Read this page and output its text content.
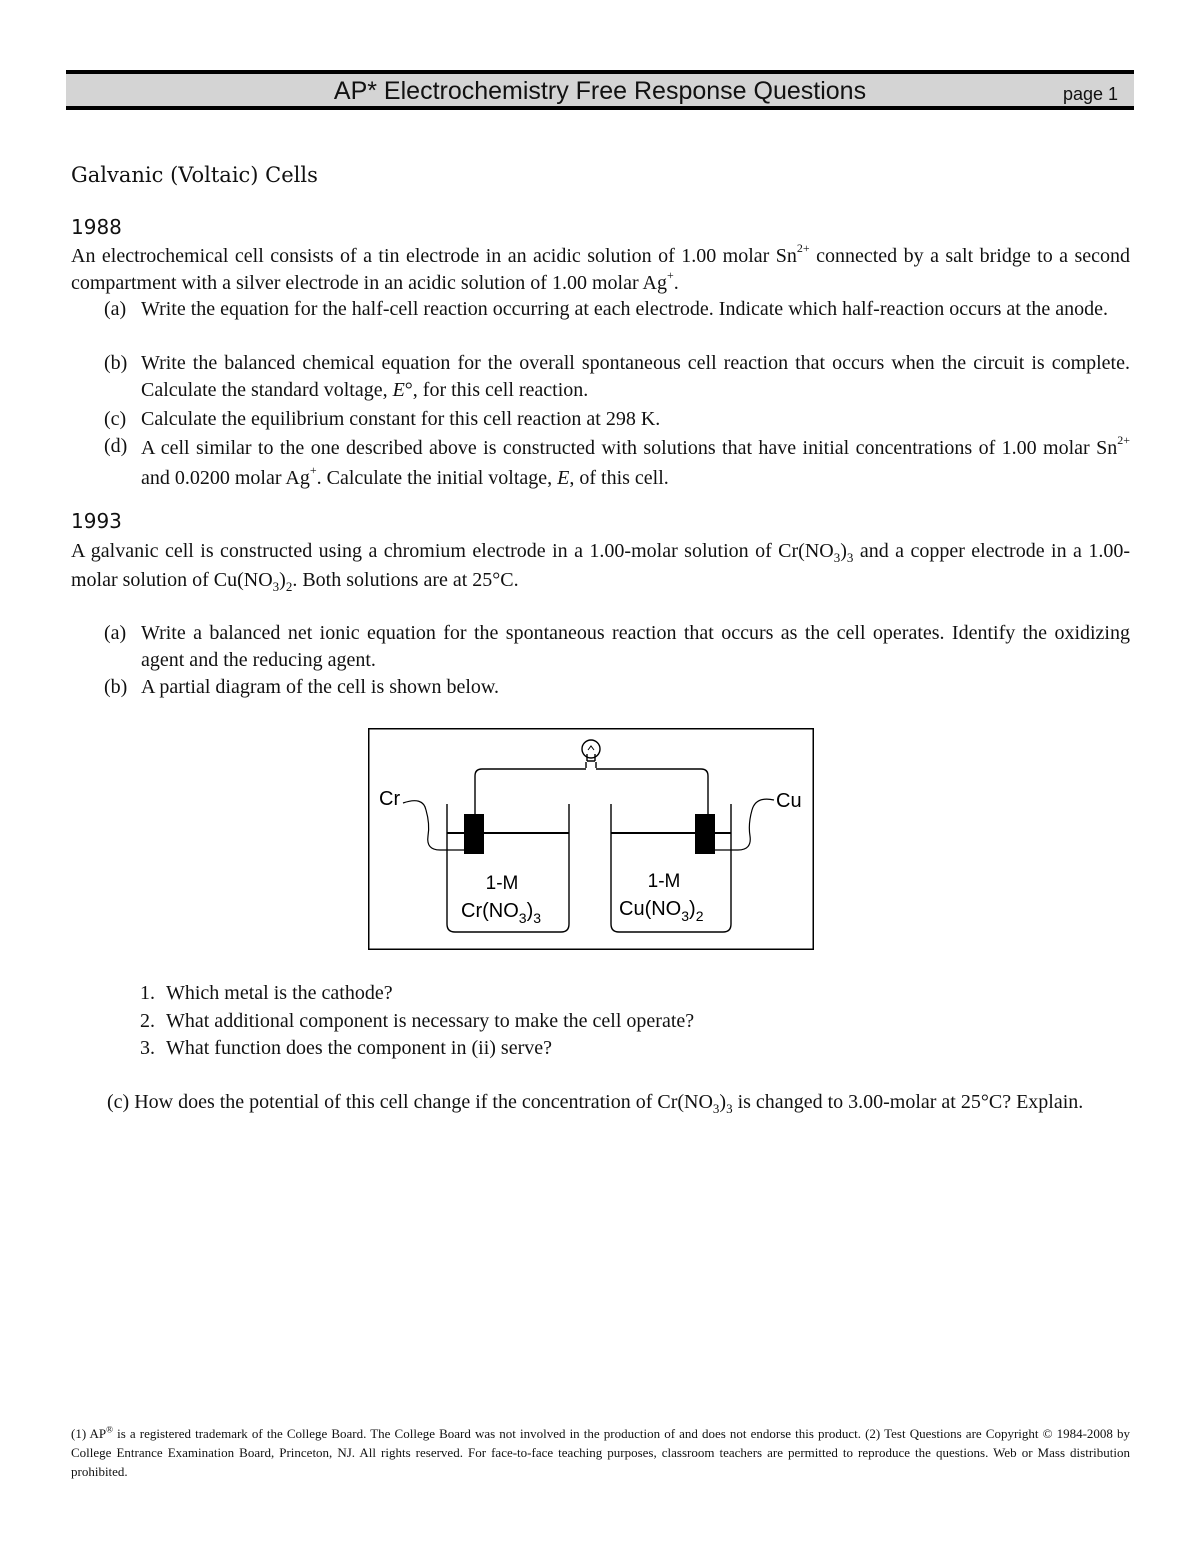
AP* Electrochemistry Free Response Questions	page 1
Galvanic (Voltaic) Cells
1988
An electrochemical cell consists of a tin electrode in an acidic solution of 1.00 molar $Sn^{2+}$ connected by a salt bridge to a second compartment with a silver electrode in an acidic solution of 1.00 molar Ag+.
(a) Write the equation for the half-cell reaction occurring at each electrode. Indicate which half-reaction occurs at the anode.
(b) Write the balanced chemical equation for the overall spontaneous cell reaction that occurs when the circuit is complete. Calculate the standard voltage, E°, for this cell reaction.
(c) Calculate the equilibrium constant for this cell reaction at 298 K.
(d) A cell similar to the one described above is constructed with solutions that have initial concentrations of 1.00 molar $Sn^{2+}$ and 0.0200 molar Ag+. Calculate the initial voltage, E, of this cell.
1993
A galvanic cell is constructed using a chromium electrode in a 1.00-molar solution of $Cr(NO_3)_3$ and a copper electrode in a 1.00-molar solution of $Cu(NO_3)_2$. Both solutions are at 25°C.
(a) Write a balanced net ionic equation for the spontaneous reaction that occurs as the cell operates. Identify the oxidizing agent and the reducing agent.
(b) A partial diagram of the cell is shown below.
Cr	Cu
1-M
$Cr(NO_3)_3$
1-M
$Cu(NO_3)_2$
1. Which metal is the cathode?
2. What additional component is necessary to make the cell operate?
3. What function does the component in (ii) serve?
(c) How does the potential of this cell change if the concentration of $Cr(NO_3)_3$ is changed to 3.00-molar at 25°C? Explain.
(1) AP® is a registered trademark of the College Board. The College Board was not involved in the production of and does not endorse this product. (2) Test Questions are Copyright © 1984-2008 by College Entrance Examination Board, Princeton, NJ. All rights reserved. For face-to-face teaching purposes, classroom teachers are permitted to reproduce the questions. Web or Mass distribution prohibited.
